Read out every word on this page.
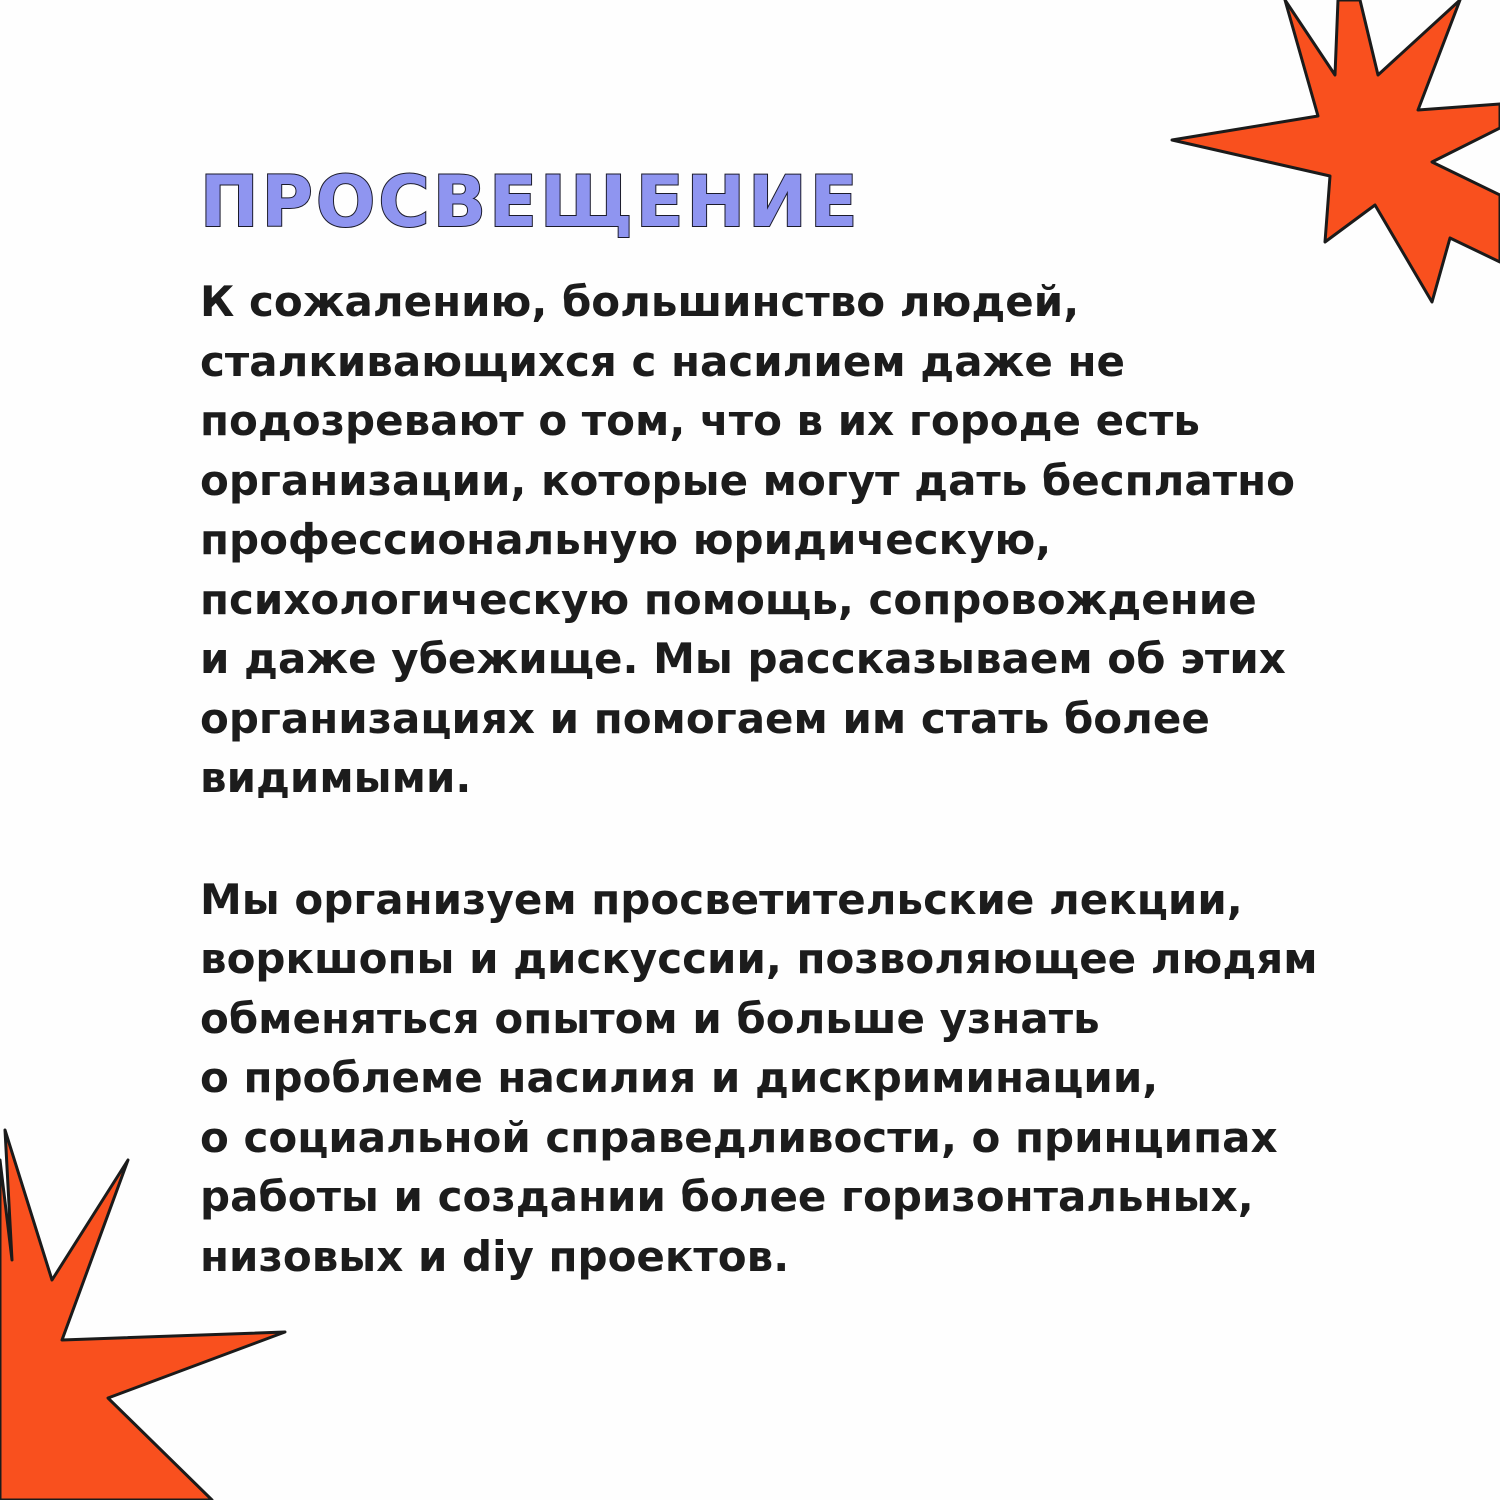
ПРОСВЕЩЕНИЕ

К сожалению, большинство людей,
сталкивающихся с насилием даже не
подозревают о том, что в их городе есть
организации, которые могут дать бесплатно
профессиональную юридическую,
психологическую помощь, сопровождение
и даже убежище. Мы рассказываем об этих
организациях и помогаем им стать более
видимыми.

Мы организуем просветительские лекции,
воркшопы и дискуссии, позволяющее людям
обменяться опытом и больше узнать
о проблеме насилия и дискриминации,
о социальной справедливости, о принципах
работы и создании более горизонтальных,
низовых и diy проектов.
